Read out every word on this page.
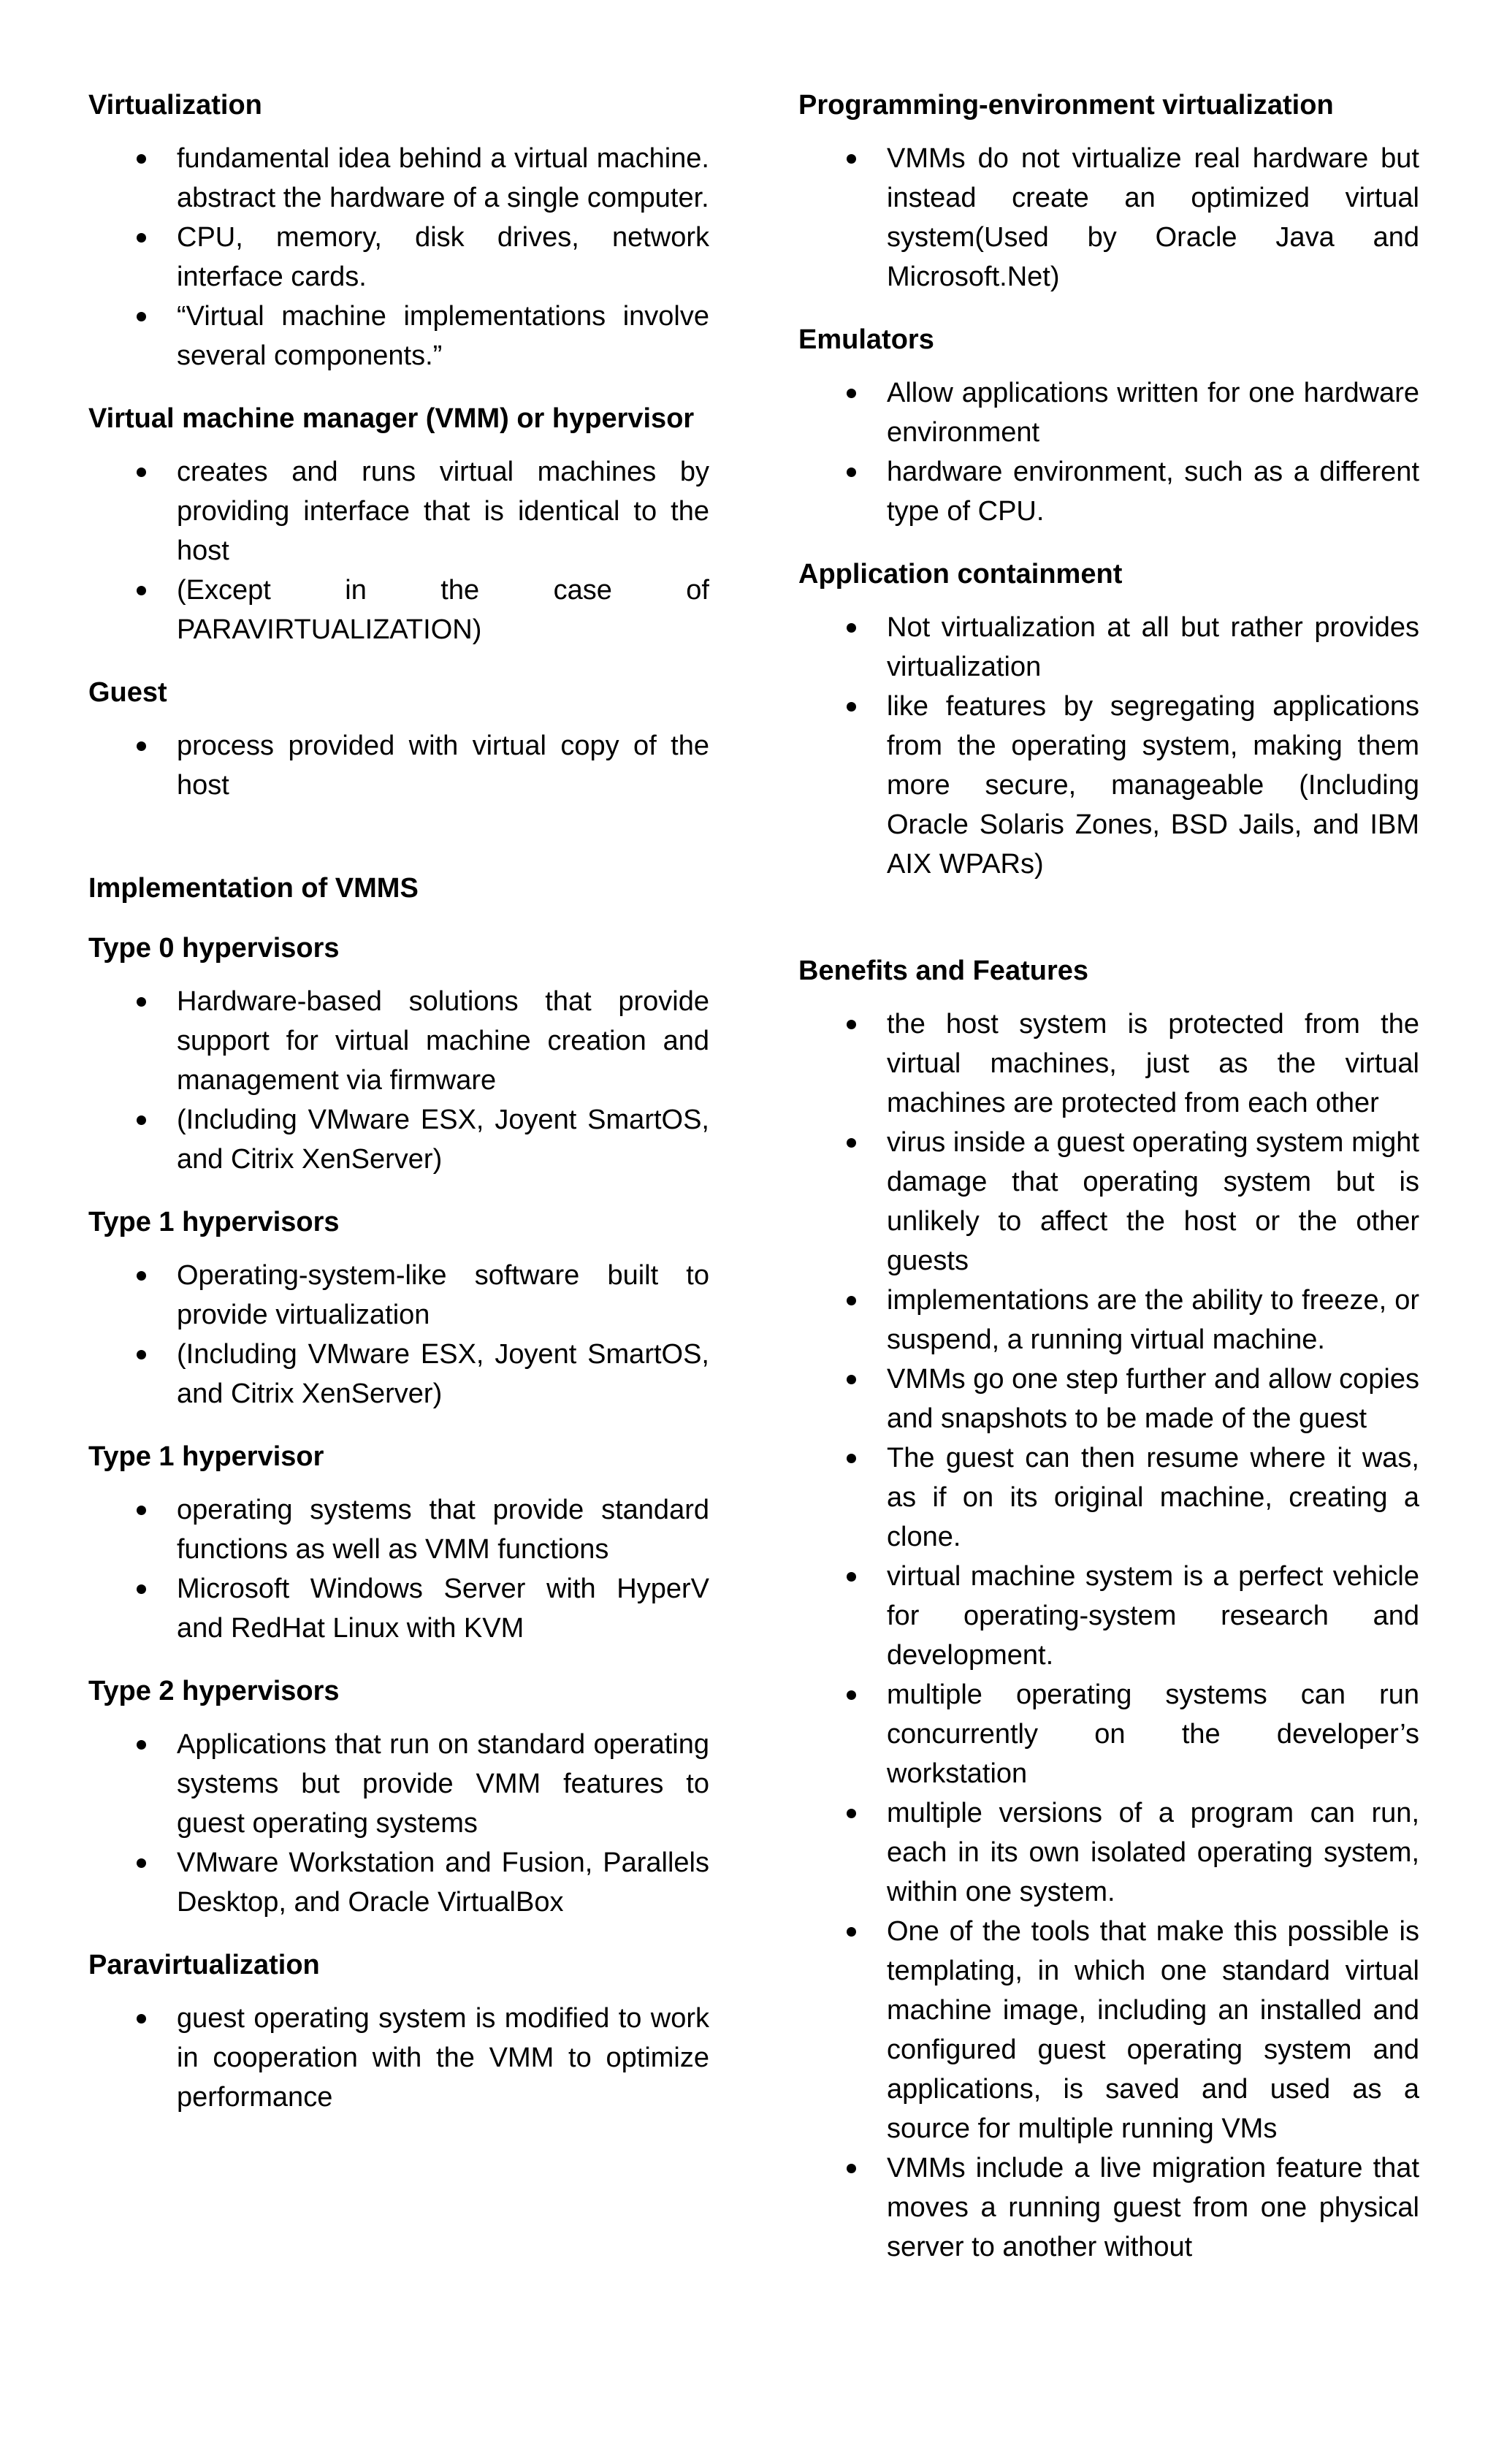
Virtualization
fundamental idea behind a virtual machine. abstract the hardware of a single computer.
CPU, memory, disk drives, network interface cards.
“Virtual machine implementations involve several components.”
Virtual machine manager (VMM) or hypervisor
creates and runs virtual machines by providing interface that is identical to the host
(Except in the case of PARAVIRTUALIZATION)
Guest
process provided with virtual copy of the host
Implementation of VMMS
Type 0 hypervisors
Hardware-based solutions that provide support for virtual machine creation and management via firmware
(Including VMware ESX, Joyent SmartOS, and Citrix XenServer)
Type 1 hypervisors
Operating-system-like software built to provide virtualization
(Including VMware ESX, Joyent SmartOS, and Citrix XenServer)
Type 1 hypervisor
operating systems that provide standard functions as well as VMM functions
Microsoft Windows Server with HyperV and RedHat Linux with KVM
Type 2 hypervisors
Applications that run on standard operating systems but provide VMM features to guest operating systems
VMware Workstation and Fusion, Parallels Desktop, and Oracle VirtualBox
Paravirtualization
guest operating system is modified to work in cooperation with the VMM to optimize performance
Programming-environment virtualization
VMMs do not virtualize real hardware but instead create an optimized virtual system(Used by Oracle Java and Microsoft.Net)
Emulators
Allow applications written for one hardware environment
hardware environment, such as a different type of CPU.
Application containment
Not virtualization at all but rather provides virtualization
like features by segregating applications from the operating system, making them more secure, manageable (Including Oracle Solaris Zones, BSD Jails, and IBM AIX WPARs)
Benefits and Features
the host system is protected from the virtual machines, just as the virtual machines are protected from each other
virus inside a guest operating system might damage that operating system but is unlikely to affect the host or the other guests
implementations are the ability to freeze, or suspend, a running virtual machine.
VMMs go one step further and allow copies and snapshots to be made of the guest
The guest can then resume where it was, as if on its original machine, creating a clone.
virtual machine system is a perfect vehicle for operating-system research and development.
multiple operating systems can run concurrently on the developer’s workstation
multiple versions of a program can run, each in its own isolated operating system, within one system.
One of the tools that make this possible is templating, in which one standard virtual machine image, including an installed and configured guest operating system and applications, is saved and used as a source for multiple running VMs
VMMs include a live migration feature that moves a running guest from one physical server to another without
